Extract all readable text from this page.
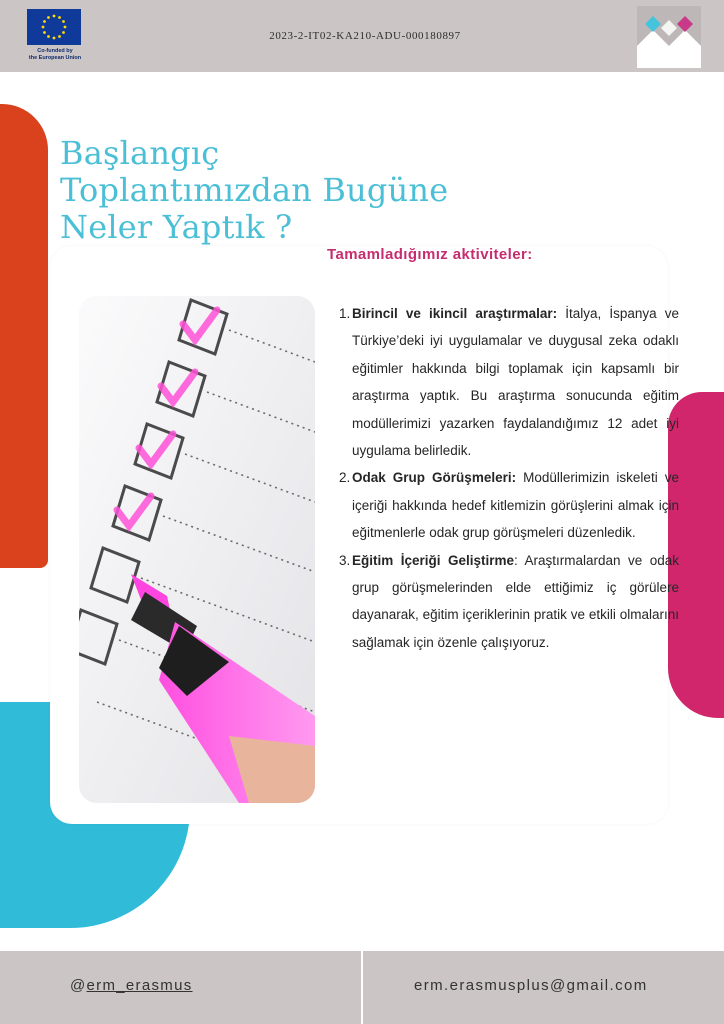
Co-funded by
the European Union
2023-2-IT02-KA210-ADU-000180897
Başlangıç
Toplantımızdan Bugüne
Neler Yaptık ?
Tamamladığımız aktiviteler:
1. Birincil ve ikincil araştırmalar: İtalya, İspanya ve Türkiye’deki iyi uygulamalar ve duygusal zeka odaklı eğitimler hakkında bilgi toplamak için kapsamlı bir araştırma yaptık. Bu araştırma sonucunda eğitim modüllerimizi yazarken faydalandığımız 12 adet iyi uygulama belirledik.
2. Odak Grup Görüşmeleri: Modüllerimizin iskeleti ve içeriği hakkında hedef kitlemizin görüşlerini almak için eğitmenlerle odak grup görüşmeleri düzenledik.
3. Eğitim İçeriği Geliştirme: Araştırmalardan ve odak grup görüşmelerinden elde ettiğimiz iç görülere dayanarak, eğitim içeriklerinin pratik ve etkili olmalarını sağlamak için özenle çalışıyoruz.
@erm_erasmus	erm.erasmusplus@gmail.com
